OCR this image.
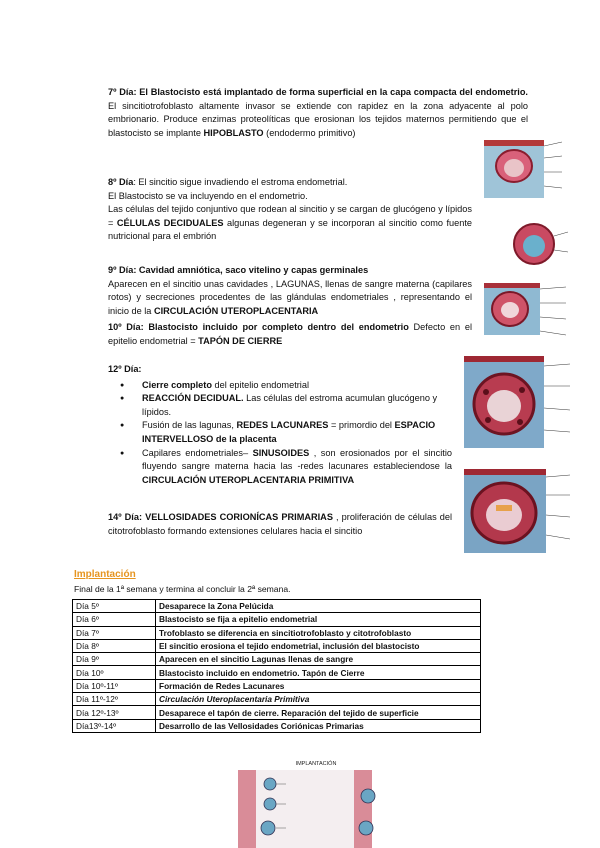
7º Día: El Blastocisto está implantado de forma superficial en la capa compacta del endometrio. El sincitiotrofoblasto altamente invasor se extiende con rapidez en la zona adyacente al polo embrionario. Produce enzimas proteolíticas que erosionan los tejidos maternos permitiendo que el blastocisto se implante HIPOBLASTO (endodermo primitivo)

8º Día: El sincitio sigue invadiendo el estroma endometrial.

El Blastocisto se va incluyendo en el endometrio.

Las células del tejido conjuntivo que rodean al sincitio y se cargan de glucógeno y lípidos = CÉLULAS DECIDUALES algunas degeneran y se incorporan al sincitio como fuente nutricional para el embrión

9º Día: Cavidad amniótica, saco vitelino y capas germinales

Aparecen en el sincitio unas cavidades , LAGUNAS, llenas de sangre materna (capilares rotos) y secreciones procedentes de las glándulas endometriales , representando el inicio de la CIRCULACIÓN UTEROPLACENTARIA

10º Día: Blastocisto incluido por completo dentro del endometrio Defecto en el epitelio endometrial = TAPÓN DE CIERRE

12º Día:

● Cierre completo del epitelio endometrial
● REACCIÓN DECIDUAL. Las células del estroma acumulan glucógeno y lípidos.
● Fusión de las lagunas, REDES LACUNARES = primordio del ESPACIO INTERVELLOSO de la placenta
● Capilares endometriales– SINUSOIDES , son erosionados por el sincitio fluyendo sangre materna hacia las -redes lacunares estableciendose la CIRCULACIÓN UTEROPLACENTARIA PRIMITIVA

14º Día: VELLOSIDADES CORIONÍCAS PRIMARIAS , proliferación de células del citotrofoblasto formando extensiones celulares hacia el sincitio

Implantación
Final de la 1ª semana y termina al concluir la 2ª semana.
Día 5º	Desaparece la Zona Pelúcida
Día 6º	Blastocisto se fija a epitelio endometrial
Día 7º	Trofoblasto se diferencia en sincitiotrofoblasto y citotrofoblasto
Día 8º	El sincitio erosiona el tejido endometrial, inclusión del blastocisto
Día 9º	Aparecen en el sincitio Lagunas llenas de sangre
Día 10º	Blastocisto incluido en endometrio. Tapón de Cierre
Día 10º-11º	Formación de Redes Lacunares
Día 11º-12º	Circulación Uteroplacentaria Primitiva
Día 12º-13º	Desaparece el tapón de cierre. Reparación del tejido de superficie
Día13º-14º	Desarrollo de las Vellosidades Coriónicas Primarias
IMPLANTACIÓN
